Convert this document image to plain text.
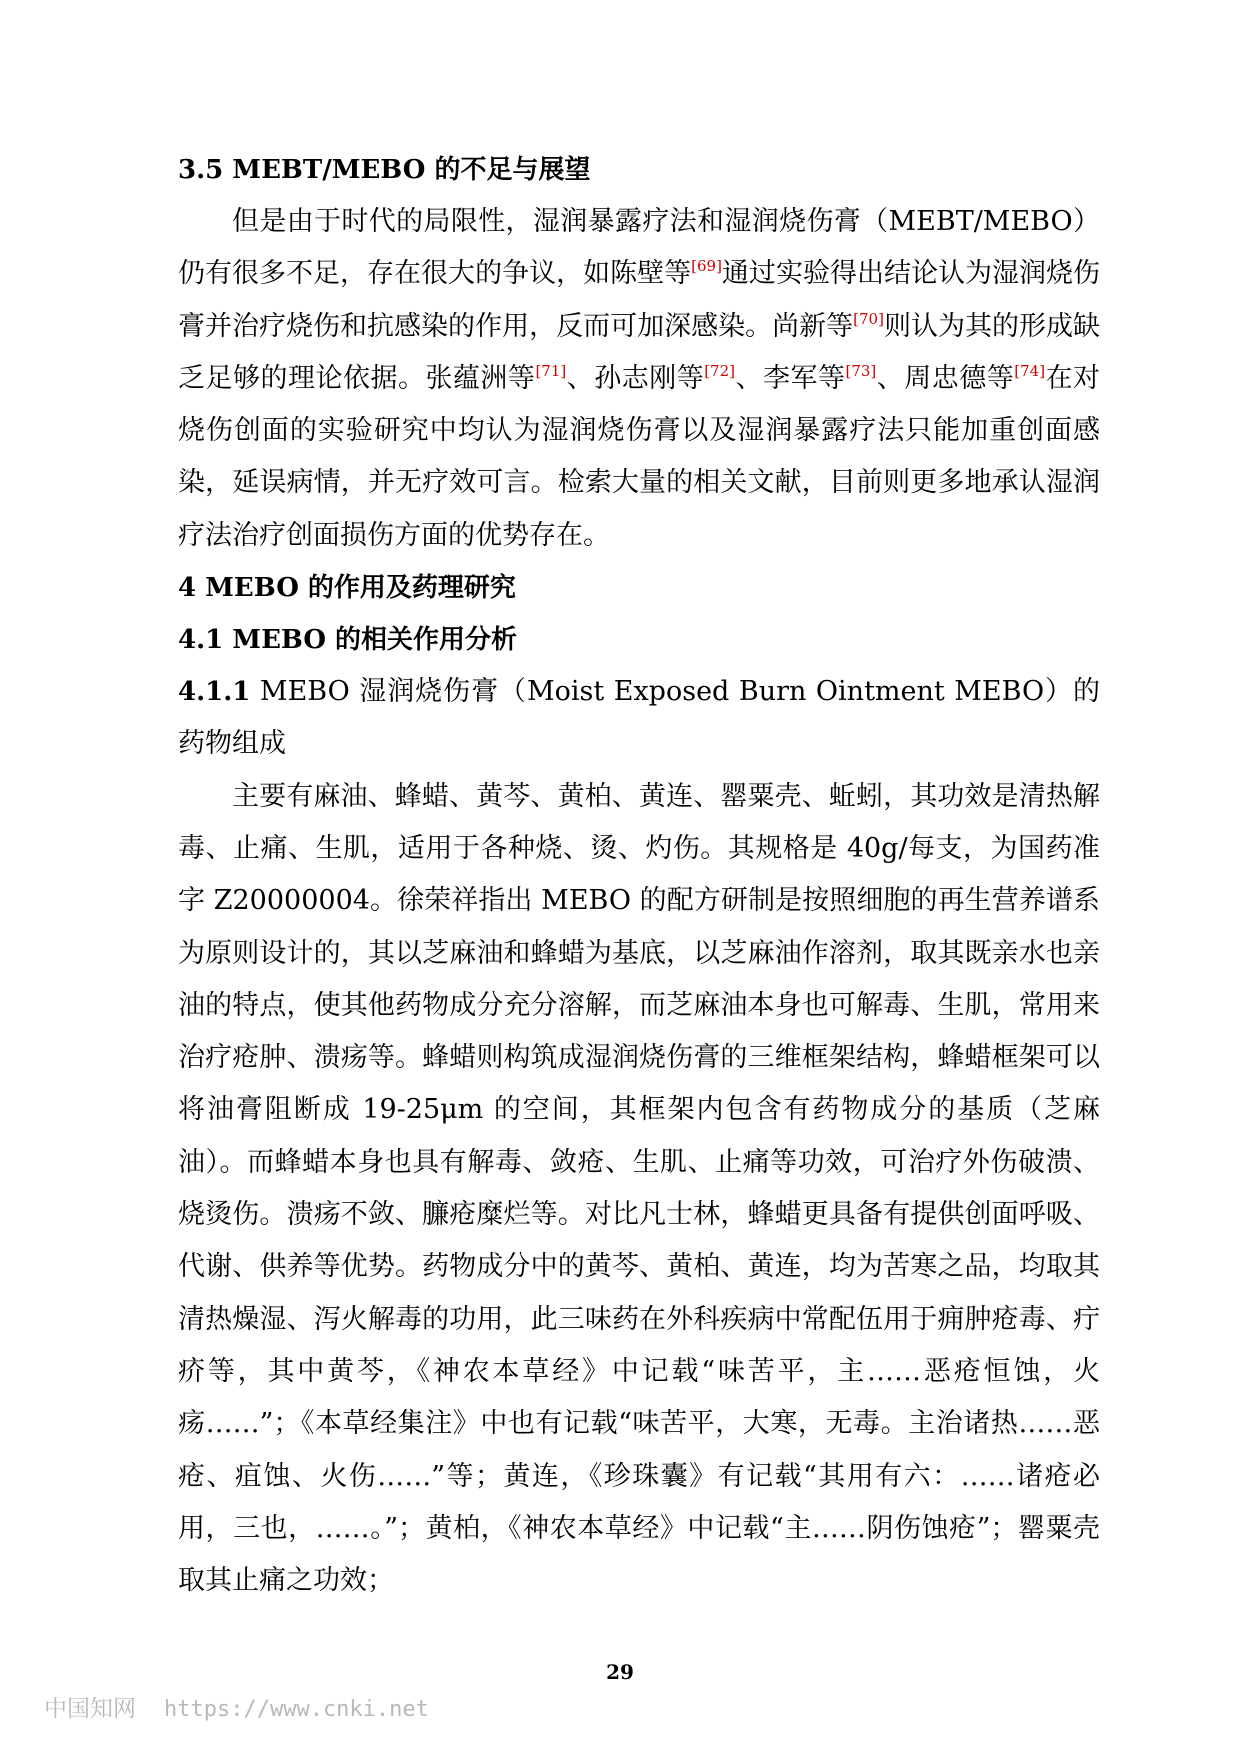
3.5 MEBT/MEBO 的不足与展望

但是由于时代的局限性，湿润暴露疗法和湿润烧伤膏（MEBT/MEBO）仍有很多不足，存在很大的争议，如陈壁等[69]通过实验得出结论认为湿润烧伤膏并治疗烧伤和抗感染的作用，反而可加深感染。尚新等[70]则认为其的形成缺乏足够的理论依据。张蕴洲等[71]、孙志刚等[72]、李军等[73]、周忠德等[74]在对烧伤创面的实验研究中均认为湿润烧伤膏以及湿润暴露疗法只能加重创面感染，延误病情，并无疗效可言。检索大量的相关文献，目前则更多地承认湿润疗法治疗创面损伤方面的优势存在。

4 MEBO 的作用及药理研究

4.1 MEBO 的相关作用分析

4.1.1 MEBO 湿润烧伤膏（Moist Exposed Burn Ointment MEBO）的药物组成

主要有麻油、蜂蜡、黄芩、黄柏、黄连、罂粟壳、蚯蚓，其功效是清热解毒、止痛、生肌，适用于各种烧、烫、灼伤。其规格是 40g/每支，为国药准字 Z20000004。徐荣祥指出 MEBO 的配方研制是按照细胞的再生营养谱系为原则设计的，其以芝麻油和蜂蜡为基底，以芝麻油作溶剂，取其既亲水也亲油的特点，使其他药物成分充分溶解，而芝麻油本身也可解毒、生肌，常用来治疗疮肿、溃疡等。蜂蜡则构筑成湿润烧伤膏的三维框架结构，蜂蜡框架可以将油膏阻断成 19-25μm 的空间，其框架内包含有药物成分的基质（芝麻油）。而蜂蜡本身也具有解毒、敛疮、生肌、止痛等功效，可治疗外伤破溃、烧烫伤。溃疡不敛、臁疮糜烂等。对比凡士林，蜂蜡更具备有提供创面呼吸、代谢、供养等优势。药物成分中的黄芩、黄柏、黄连，均为苦寒之品，均取其清热燥湿、泻火解毒的功用，此三味药在外科疾病中常配伍用于痈肿疮毒、疔疥等，其中黄芩，《神农本草经》中记载“味苦平，主……恶疮恒蚀，火疡……”；《本草经集注》中也有记载“味苦平，大寒，无毒。主治诸热……恶疮、疽蚀、火伤……”等；黄连，《珍珠囊》有记载“其用有六：……诸疮必用，三也，……。”；黄柏，《神农本草经》中记载“主……阴伤蚀疮”；罂粟壳取其止痛之功效；

29
中国知网 https://www.cnki.net
